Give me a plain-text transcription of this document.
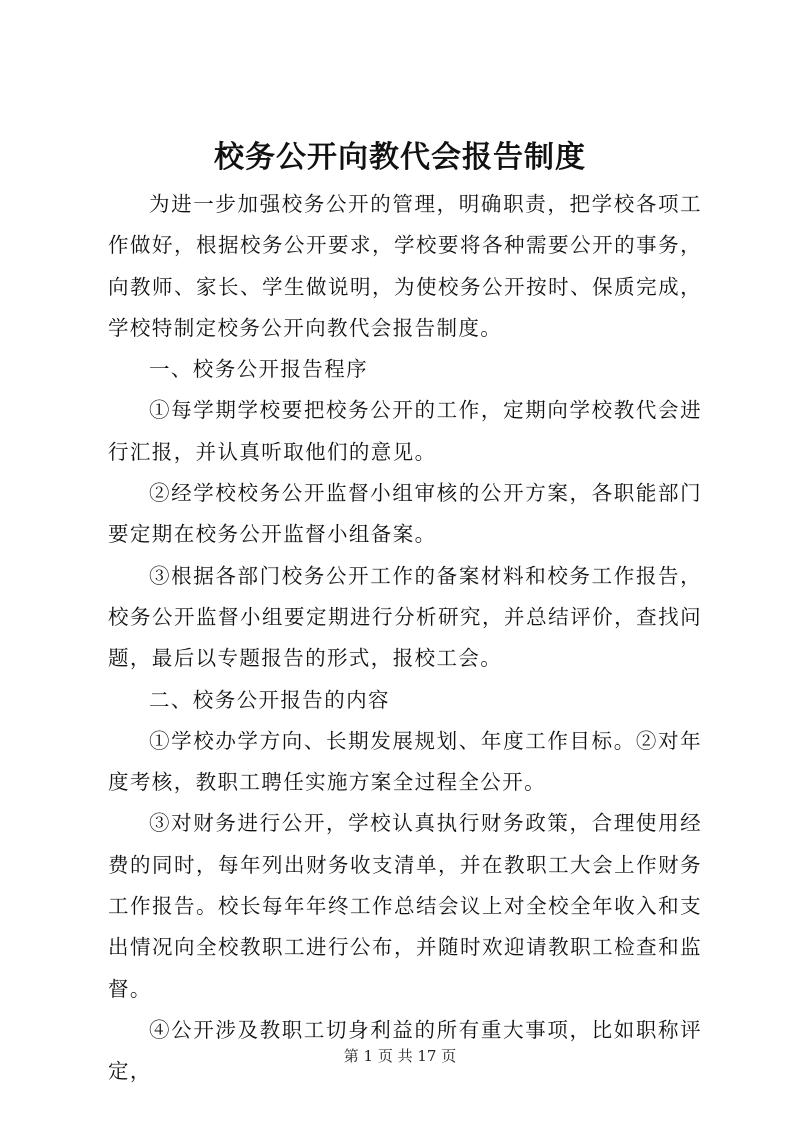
校务公开向教代会报告制度

为进一步加强校务公开的管理，明确职责，把学校各项工作做好，根据校务公开要求，学校要将各种需要公开的事务，向教师、家长、学生做说明，为使校务公开按时、保质完成，学校特制定校务公开向教代会报告制度。

一、校务公开报告程序

①每学期学校要把校务公开的工作，定期向学校教代会进行汇报，并认真听取他们的意见。

②经学校校务公开监督小组审核的公开方案，各职能部门要定期在校务公开监督小组备案。

③根据各部门校务公开工作的备案材料和校务工作报告，校务公开监督小组要定期进行分析研究，并总结评价，查找问题，最后以专题报告的形式，报校工会。

二、校务公开报告的内容

①学校办学方向、长期发展规划、年度工作目标。②对年度考核，教职工聘任实施方案全过程全公开。

③对财务进行公开，学校认真执行财务政策，合理使用经费的同时，每年列出财务收支清单，并在教职工大会上作财务工作报告。校长每年年终工作总结会议上对全校全年收入和支出情况向全校教职工进行公布，并随时欢迎请教职工检查和监督。

④公开涉及教职工切身利益的所有重大事项，比如职称评定，

第 1 页 共 17 页
